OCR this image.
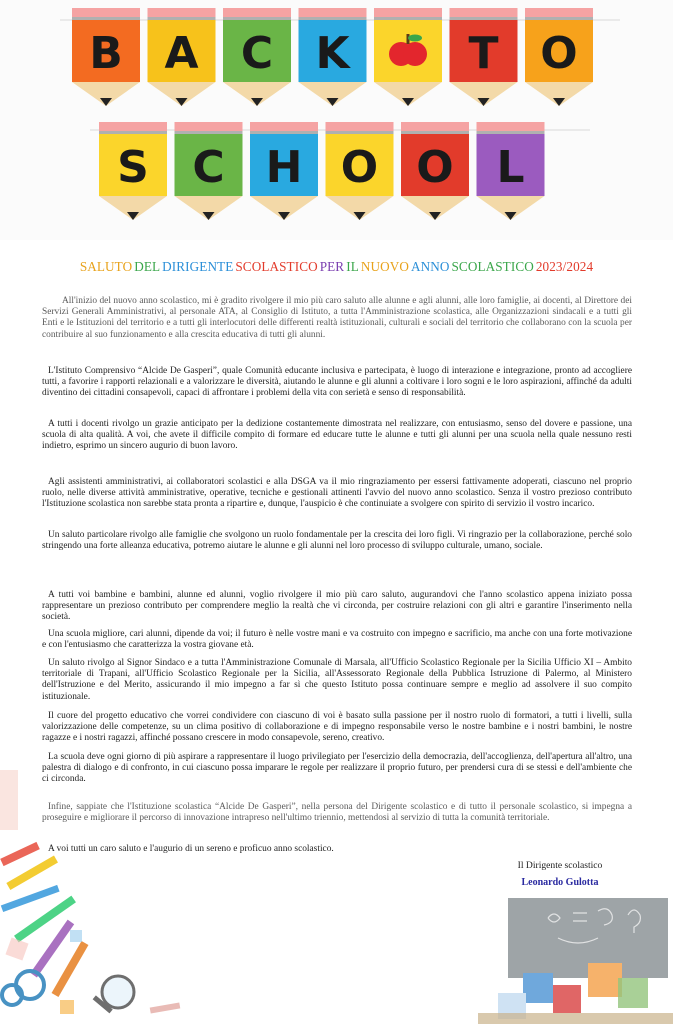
B A C K	T O
S C H O O L
SALUTO DEL DIRIGENTE SCOLASTICO PER IL NUOVO ANNO SCOLASTICO 2023/2024

All'inizio del nuovo anno scolastico, mi è gradito rivolgere il mio più caro saluto alle alunne e agli alunni, alle loro famiglie, ai docenti, al Direttore dei Servizi Generali Amministrativi, al personale ATA, al Consiglio di Istituto, a tutta l'Amministrazione scolastica, alle Organizzazioni sindacali e a tutti gli Enti e le Istituzioni del territorio e a tutti gli interlocutori delle differenti realtà istituzionali, culturali e sociali del territorio che collaborano con la scuola per contribuire al suo funzionamento e alla crescita educativa di tutti gli alunni.

L'Istituto Comprensivo “Alcide De Gasperi”, quale Comunità educante inclusiva e partecipata, è luogo di interazione e integrazione, pronto ad accogliere tutti, a favorire i rapporti relazionali e a valorizzare le diversità, aiutando le alunne e gli alunni a coltivare i loro sogni e le loro aspirazioni, affinché da adulti diventino dei cittadini consapevoli, capaci di affrontare i problemi della vita con serietà e senso di responsabilità.

A tutti i docenti rivolgo un grazie anticipato per la dedizione costantemente dimostrata nel realizzare, con entusiasmo, senso del dovere e passione, una scuola di alta qualità. A voi, che avete il difficile compito di formare ed educare tutte le alunne e tutti gli alunni per una scuola nella quale nessuno resti indietro, esprimo un sincero augurio di buon lavoro.

Agli assistenti amministrativi, ai collaboratori scolastici e alla DSGA va il mio ringraziamento per essersi fattivamente adoperati, ciascuno nel proprio ruolo, nelle diverse attività amministrative, operative, tecniche e gestionali attinenti l'avvio del nuovo anno scolastico. Senza il vostro prezioso contributo l'Istituzione scolastica non sarebbe stata pronta a ripartire e, dunque, l'auspicio è che continuiate a svolgere con spirito di servizio il vostro incarico.

Un saluto particolare rivolgo alle famiglie che svolgono un ruolo fondamentale per la crescita dei loro figli. Vi ringrazio per la collaborazione, perché solo stringendo una forte alleanza educativa, potremo aiutare le alunne e gli alunni nel loro processo di sviluppo culturale, umano, sociale.

A tutti voi bambine e bambini, alunne ed alunni, voglio rivolgere il mio più caro saluto, augurandovi che l'anno scolastico appena iniziato possa rappresentare un prezioso contributo per comprendere meglio la realtà che vi circonda, per costruire relazioni con gli altri e garantire l'inserimento nella società.

Una scuola migliore, cari alunni, dipende da voi; il futuro è nelle vostre mani e va costruito con impegno e sacrificio, ma anche con una forte motivazione e con l'entusiasmo che caratterizza la vostra giovane età.

Un saluto rivolgo al Signor Sindaco e a tutta l'Amministrazione Comunale di Marsala, all'Ufficio Scolastico Regionale per la Sicilia Ufficio XI – Ambito territoriale di Trapani, all'Ufficio Scolastico Regionale per la Sicilia, all'Assessorato Regionale della Pubblica Istruzione di Palermo, al Ministero dell'Istruzione e del Merito, assicurando il mio impegno a far sì che questo Istituto possa continuare sempre e meglio ad assolvere il suo compito istituzionale.

Il cuore del progetto educativo che vorrei condividere con ciascuno di voi è basato sulla passione per il nostro ruolo di formatori, a tutti i livelli, sulla valorizzazione delle competenze, su un clima positivo di collaborazione e di impegno responsabile verso le nostre bambine e i nostri bambini, le nostre ragazze e i nostri ragazzi, affinché possano crescere in modo consapevole, sereno, creativo.

La scuola deve ogni giorno di più aspirare a rappresentare il luogo privilegiato per l'esercizio della democrazia, dell'accoglienza, dell'apertura all'altro, una palestra di dialogo e di confronto, in cui ciascuno possa imparare le regole per realizzare il proprio futuro, per prendersi cura di se stessi e dell'ambiente che ci circonda.

Infine, sappiate che l'Istituzione scolastica “Alcide De Gasperi”, nella persona del Dirigente scolastico e di tutto il personale scolastico, si impegna a proseguire e migliorare il percorso di innovazione intrapreso nell'ultimo triennio, mettendosi al servizio di tutta la comunità territoriale.

A voi tutti un caro saluto e l'augurio di un sereno e proficuo anno scolastico.

Il Dirigente scolastico
Leonardo Gulotta
